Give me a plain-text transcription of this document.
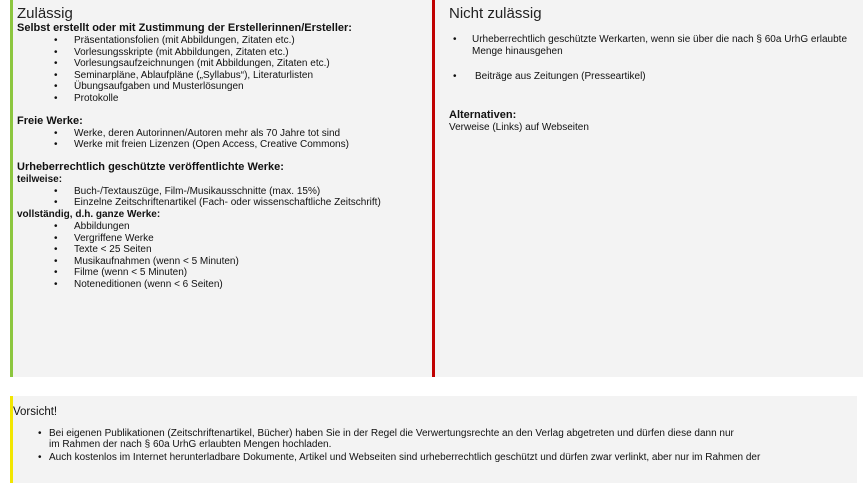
Zulässig
Selbst erstellt oder mit Zustimmung der Erstellerinnen/Ersteller:
• Präsentationsfolien (mit Abbildungen, Zitaten etc.)
• Vorlesungsskripte (mit Abbildungen, Zitaten etc.)
• Vorlesungsaufzeichnungen (mit Abbildungen, Zitaten etc.)
• Seminarpläne, Ablaufpläne („Syllabus“), Literaturlisten
• Übungsaufgaben und Musterlösungen
• Protokolle
Freie Werke:
• Werke, deren Autorinnen/Autoren mehr als 70 Jahre tot sind
• Werke mit freien Lizenzen (Open Access, Creative Commons)
Urheberrechtlich geschützte veröffentlichte Werke:
teilweise:
• Buch-/Textauszüge, Film-/Musikausschnitte (max. 15%)
• Einzelne Zeitschriftenartikel (Fach- oder wissenschaftliche Zeitschrift)
vollständig, d.h. ganze Werke:
• Abbildungen
• Vergriffene Werke
• Texte < 25 Seiten
• Musikaufnahmen (wenn < 5 Minuten)
• Filme (wenn < 5 Minuten)
• Noteneditionen (wenn < 6 Seiten)
Nicht zulässig
• Urheberrechtlich geschützte Werkarten, wenn sie über die nach § 60a UrhG erlaubte Menge hinausgehen
• Beiträge aus Zeitungen (Presseartikel)
Alternativen:
Verweise (Links) auf Webseiten
Vorsicht!
• Bei eigenen Publikationen (Zeitschriftenartikel, Bücher) haben Sie in der Regel die Verwertungsrechte an den Verlag abgetreten und dürfen diese dann nur im Rahmen der nach § 60a UrhG erlaubten Mengen hochladen.
• Auch kostenlos im Internet herunterladbare Dokumente, Artikel und Webseiten sind urheberrechtlich geschützt und dürfen zwar verlinkt, aber nur im Rahmen der
